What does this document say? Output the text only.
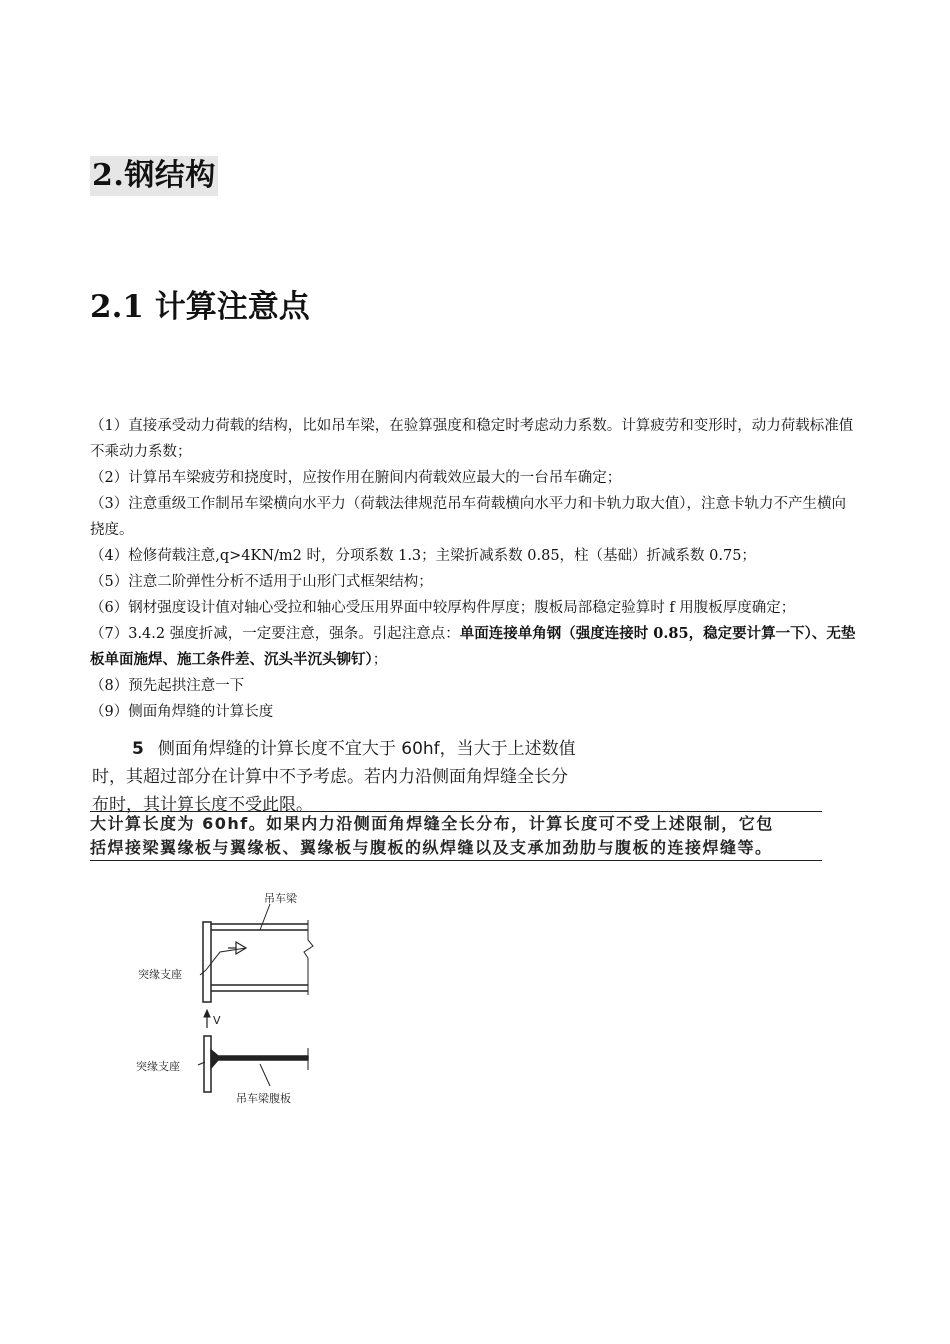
2.钢结构
2.1 计算注意点

（1）直接承受动力荷载的结构，比如吊车梁，在验算强度和稳定时考虑动力系数。计算疲劳和变形时，动力荷载标准值不乘动力系数；

（2）计算吊车梁疲劳和挠度时，应按作用在腑间内荷载效应最大的一台吊车确定；

（3）注意重级工作制吊车梁横向水平力（荷载法律规范吊车荷载横向水平力和卡轨力取大值），注意卡轨力不产生横向挠度。

（4）检修荷载注意,q>4KN/m2 时，分项系数 1.3；主梁折减系数 0.85，柱（基础）折减系数 0.75；

（5）注意二阶弹性分析不适用于山形门式框架结构；

（6）钢材强度设计值对轴心受拉和轴心受压用界面中较厚构件厚度；腹板局部稳定验算时 f 用腹板厚度确定；

（7）3.4.2 强度折减，一定要注意，强条。引起注意点：单面连接单角钢（强度连接时 0.85，稳定要计算一下）、无垫板单面施焊、施工条件差、沉头半沉头铆钉）；

（8）预先起拱注意一下

（9）侧面角焊缝的计算长度

5 侧面角焊缝的计算长度不宜大于 60hf，当大于上述数值

时，其超过部分在计算中不予考虑。若内力沿侧面角焊缝全长分

布时，其计算长度不受此限。

大计算长度为 60hf。如果内力沿侧面角焊缝全长分布，计算长度可不受上述限制，它包

括焊接梁翼缘板与翼缘板、翼缘板与腹板的纵焊缝以及支承加劲肋与腹板的连接焊缝等。

吊车梁
突缘支座
V
突缘支座
吊车梁腹板
